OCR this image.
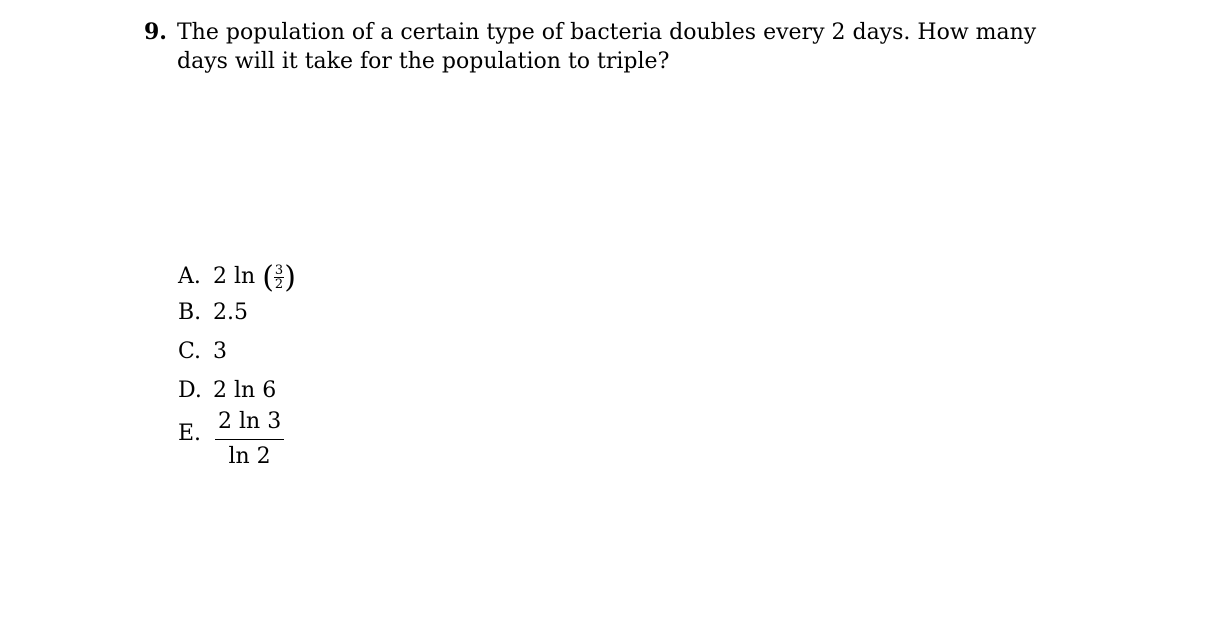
9. The population of a certain type of bacteria doubles every 2 days. How many days will it take for the population to triple?
A. 2 ln ( $\frac{3}{2}$ )
B. 2.5
C. 3
D. 2 ln 6
E. $\frac{2 \ln 3}{\ln 2}$
